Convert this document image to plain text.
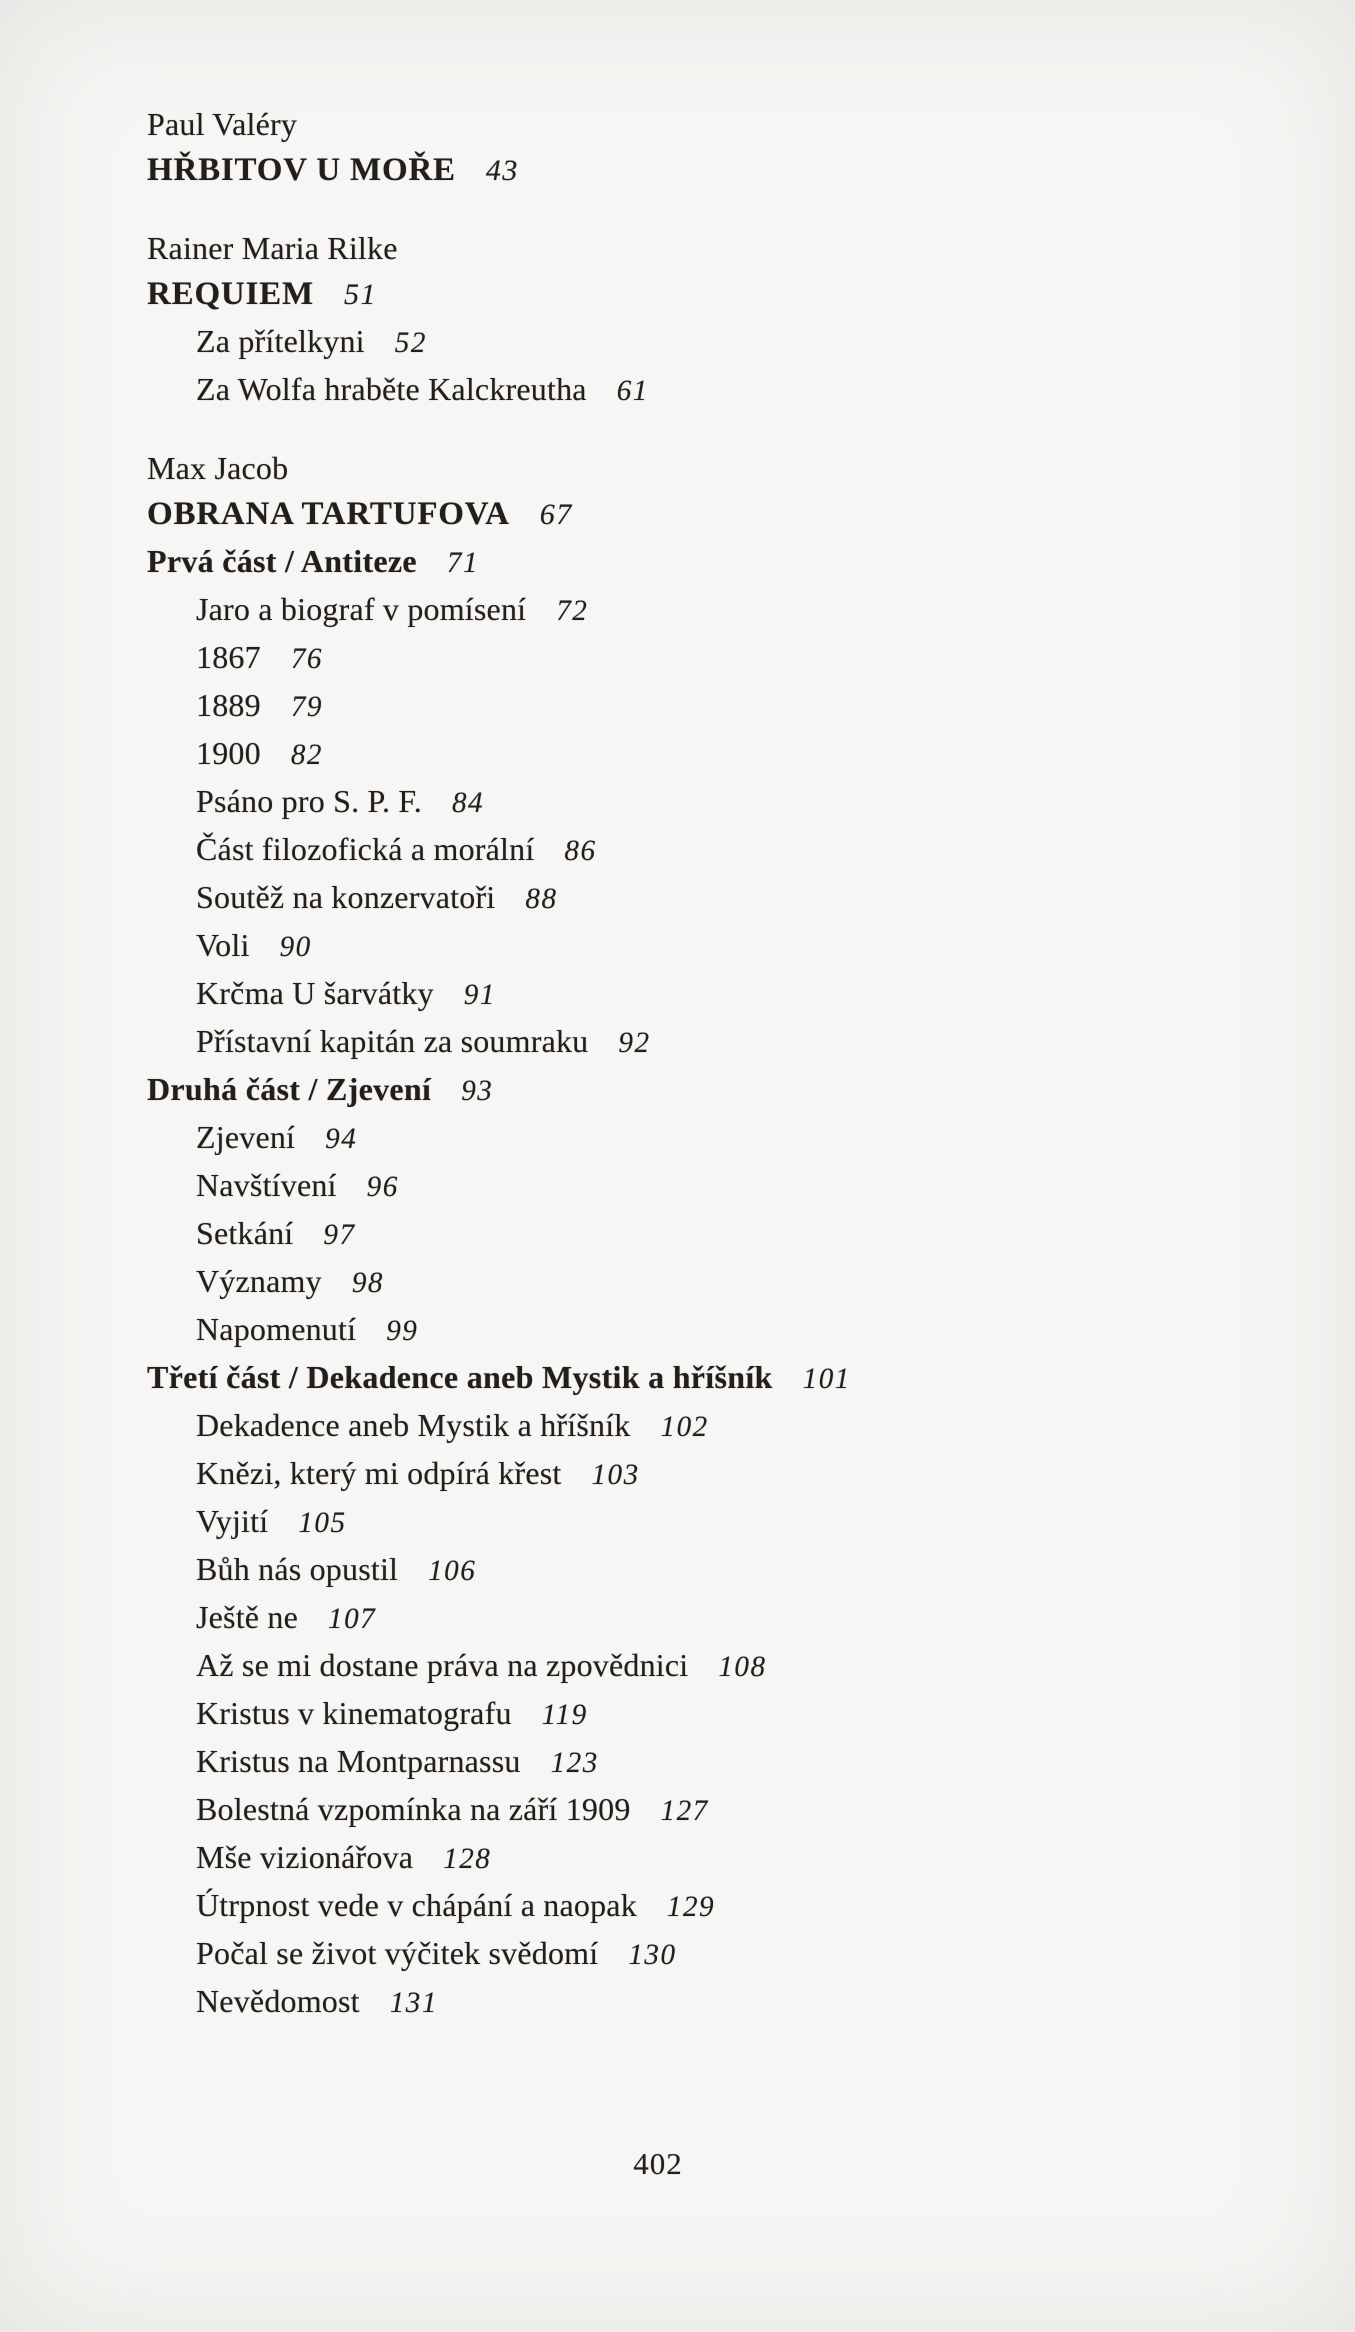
Paul Valéry
HŘBITOV U MOŘE 43
Rainer Maria Rilke
REQUIEM 51
Za přítelkyni 52
Za Wolfa hraběte Kalckreutha 61
Max Jacob
OBRANA TARTUFOVA 67
Prvá část / Antiteze 71
Jaro a biograf v pomísení 72
1867 76
1889 79
1900 82
Psáno pro S. P. F. 84
Část filozofická a morální 86
Soutěž na konzervatoři 88
Voli 90
Krčma U šarvátky 91
Přístavní kapitán za soumraku 92
Druhá část / Zjevení 93
Zjevení 94
Navštívení 96
Setkání 97
Významy 98
Napomenutí 99
Třetí část / Dekadence aneb Mystik a hříšník 101
Dekadence aneb Mystik a hříšník 102
Knězi, který mi odpírá křest 103
Vyjití 105
Bůh nás opustil 106
Ještě ne 107
Až se mi dostane práva na zpovědnici 108
Kristus v kinematografu 119
Kristus na Montparnassu 123
Bolestná vzpomínka na září 1909 127
Mše vizionářova 128
Útrpnost vede v chápání a naopak 129
Počal se život výčitek svědomí 130
Nevědomost 131
402
